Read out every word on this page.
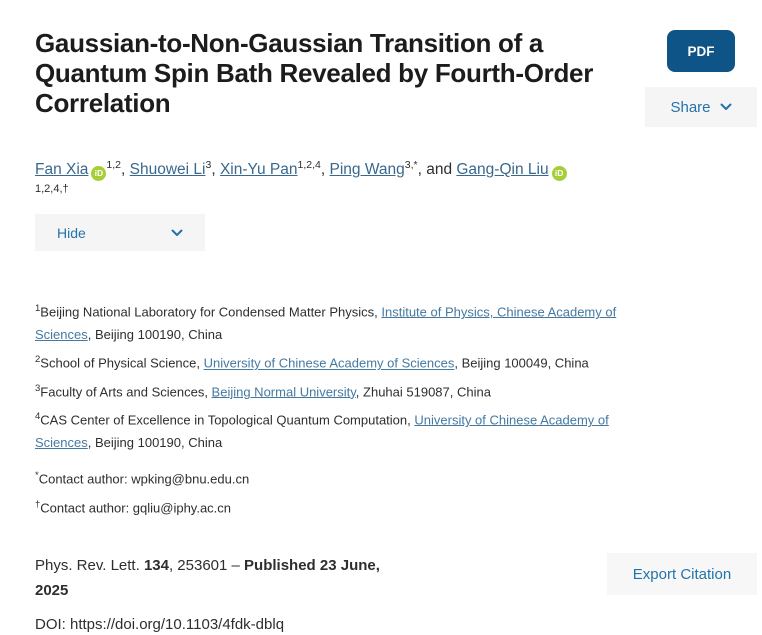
Gaussian-to-Non-Gaussian Transition of a Quantum Spin Bath Revealed by Fourth-Order Correlation
PDF
Share
Fan Xia iD$^{1,2}$, Shuowei Li$^3$, Xin-Yu Pan$^{1,2,4}$, Ping Wang$^{3,*}$, and Gang-Qin Liu iD
1,2,4,†
Hide

$^1$Beijing National Laboratory for Condensed Matter Physics, Institute of Physics, Chinese Academy of Sciences, Beijing 100190, China

$^2$School of Physical Science, University of Chinese Academy of Sciences, Beijing 100049, China

$^3$Faculty of Arts and Sciences, Beijing Normal University, Zhuhai 519087, China

$^4$CAS Center of Excellence in Topological Quantum Computation, University of Chinese Academy of Sciences, Beijing 100190, China

*Contact author: wpking@bnu.edu.cn

†Contact author: gqliu@iphy.ac.cn

Phys. Rev. Lett. 134, 253601 – Published 23 June, 2025

Export Citation

DOI: https://doi.org/10.1103/4fdk-dblq
